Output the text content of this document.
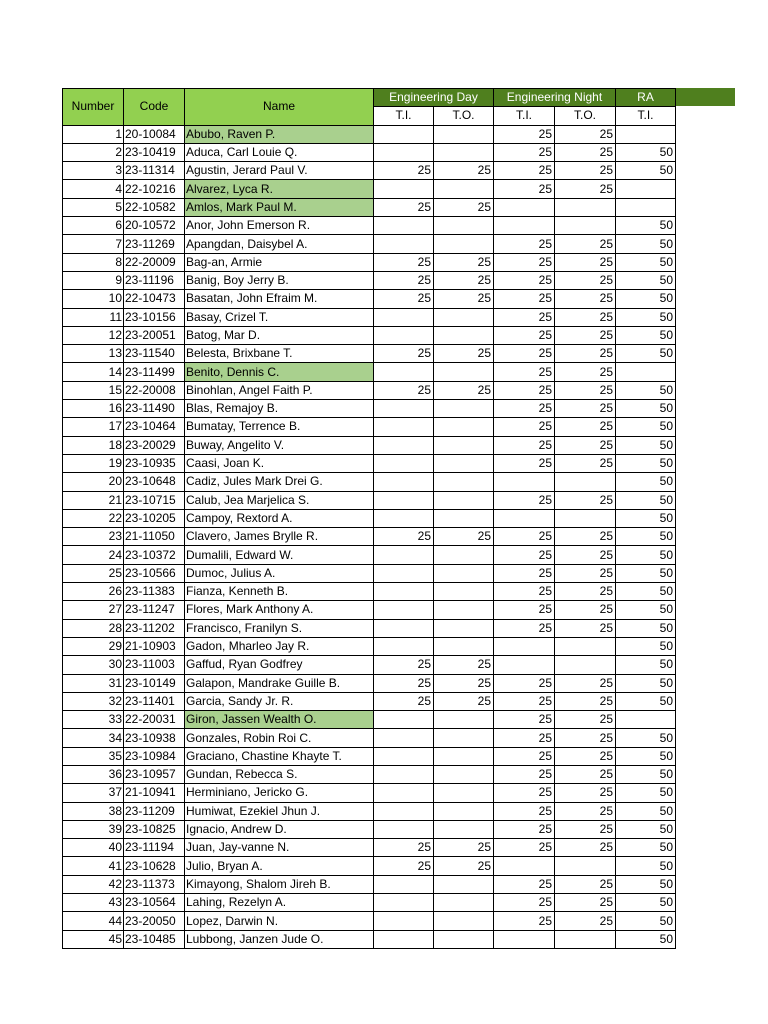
Number	Code	Name	Engineering Day		Engineering Night		RA
			T.I.	T.O.	T.I.	T.O.	T.I.
1	20-10084	Abubo, Raven P.			25	25	
2	23-10419	Aduca, Carl Louie Q.			25	25	50
3	23-11314	Agustin, Jerard Paul V.	25	25	25	25	50
4	22-10216	Alvarez, Lyca R.			25	25	
5	22-10582	Amlos, Mark Paul M.	25	25			
6	20-10572	Anor, John Emerson R.					50
7	23-11269	Apangdan, Daisybel A.			25	25	50
8	22-20009	Bag-an, Armie	25	25	25	25	50
9	23-11196	Banig, Boy Jerry B.	25	25	25	25	50
10	22-10473	Basatan, John Efraim M.	25	25	25	25	50
11	23-10156	Basay, Crizel T.			25	25	50
12	23-20051	Batog, Mar D.			25	25	50
13	23-11540	Belesta, Brixbane T.	25	25	25	25	50
14	23-11499	Benito, Dennis C.			25	25	
15	22-20008	Binohlan, Angel Faith P.	25	25	25	25	50
16	23-11490	Blas, Remajoy B.			25	25	50
17	23-10464	Bumatay, Terrence B.			25	25	50
18	23-20029	Buway, Angelito V.			25	25	50
19	23-10935	Caasi, Joan K.			25	25	50
20	23-10648	Cadiz, Jules Mark Drei G.					50
21	23-10715	Calub, Jea Marjelica S.			25	25	50
22	23-10205	Campoy, Rextord A.					50
23	21-11050	Clavero, James Brylle R.	25	25	25	25	50
24	23-10372	Dumalili, Edward W.			25	25	50
25	23-10566	Dumoc, Julius A.			25	25	50
26	23-11383	Fianza, Kenneth B.			25	25	50
27	23-11247	Flores, Mark Anthony A.			25	25	50
28	23-11202	Francisco, Franilyn S.			25	25	50
29	21-10903	Gadon, Mharleo Jay R.					50
30	23-11003	Gaffud, Ryan Godfrey	25	25			50
31	23-10149	Galapon, Mandrake Guille B.	25	25	25	25	50
32	23-11401	Garcia, Sandy Jr. R.	25	25	25	25	50
33	22-20031	Giron, Jassen Wealth O.			25	25	
34	23-10938	Gonzales, Robin Roi C.			25	25	50
35	23-10984	Graciano, Chastine Khayte T.			25	25	50
36	23-10957	Gundan, Rebecca S.			25	25	50
37	21-10941	Herminiano, Jericko G.			25	25	50
38	23-11209	Humiwat, Ezekiel Jhun J.			25	25	50
39	23-10825	Ignacio, Andrew D.			25	25	50
40	23-11194	Juan, Jay-vanne N.	25	25	25	25	50
41	23-10628	Julio, Bryan A.	25	25			50
42	23-11373	Kimayong, Shalom Jireh B.			25	25	50
43	23-10564	Lahing, Rezelyn A.			25	25	50
44	23-20050	Lopez, Darwin N.			25	25	50
45	23-10485	Lubbong, Janzen Jude O.					50
